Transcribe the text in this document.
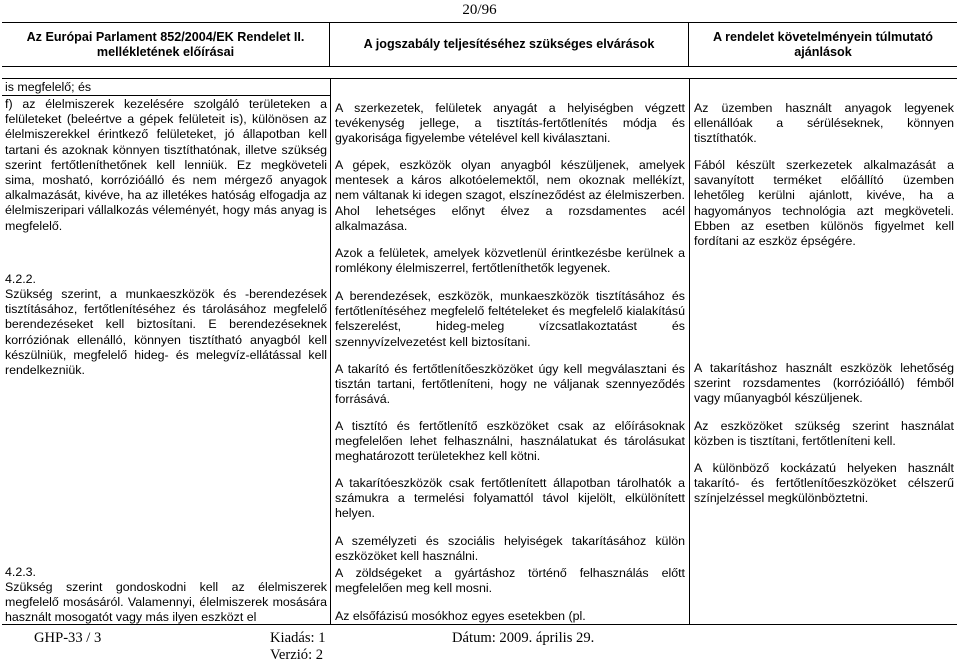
20/96
Az Európai Parlament 852/2004/EK Rendelet II. mellékletének előírásai
A jogszabály teljesítéséhez szükséges elvárások
A rendelet követelményein túlmutató ajánlások
is megfelelő; és
f) az élelmiszerek kezelésére szolgáló területeken a felületeket (beleértve a gépek felületeit is), különösen az élelmiszerekkel érintkező felületeket, jó állapotban kell tartani és azoknak könnyen tisztíthatónak, illetve szükség szerint fertőtleníthetőnek kell lenniük. Ez megköveteli sima, mosható, korrózióálló és nem mérgező anyagok alkalmazását, kivéve, ha az illetékes hatóság elfogadja az élelmiszeripari vállalkozás véleményét, hogy más anyag is megfelelő.
4.2.2.
Szükség szerint, a munkaeszközök és -berendezések tisztításához, fertőtlenítéséhez és tárolásához megfelelő berendezéseket kell biztosítani. E berendezéseknek korróziónak ellenálló, könnyen tisztítható anyagból kell készülniük, megfelelő hideg- és melegvíz-ellátással kell rendelkezniük.
4.2.3.
Szükség szerint gondoskodni kell az élelmiszerek megfelelő mosásáról. Valamennyi, élelmiszerek mosására használt mosogatót vagy más ilyen eszközt el
A szerkezetek, felületek anyagát a helyiségben végzett tevékenység jellege, a tisztítás-fertőtlenítés módja és gyakorisága figyelembe vételével kell kiválasztani.
A gépek, eszközök olyan anyagból készüljenek, amelyek mentesek a káros alkotóelemektől, nem okoznak mellékízt, nem váltanak ki idegen szagot, elszíneződést az élelmiszerben. Ahol lehetséges előnyt élvez a rozsdamentes acél alkalmazása.
Azok a felületek, amelyek közvetlenül érintkezésbe kerülnek a romlékony élelmiszerrel, fertőtleníthetők legyenek.
A berendezések, eszközök, munkaeszközök tisztításához és fertőtlenítéséhez megfelelő feltételeket és megfelelő kialakítású felszerelést, hideg-meleg vízcsatlakoztatást és szennyvízelvezetést kell biztosítani.
A takarító és fertőtlenítőeszközöket úgy kell megválasztani és tisztán tartani, fertőtleníteni, hogy ne váljanak szennyeződés forrásává.
A tisztító és fertőtlenítő eszközöket csak az előírásoknak megfelelően lehet felhasználni, használatukat és tárolásukat meghatározott területekhez kell kötni.
A takarítóeszközök csak fertőtlenített állapotban tárolhatók a számukra a termelési folyamattól távol kijelölt, elkülönített helyen.
A személyzeti és szociális helyiségek takarításához külön eszközöket kell használni.
A zöldségeket a gyártáshoz történő felhasználás előtt megfelelően meg kell mosni.
Az elsőfázisú mosókhoz egyes esetekben (pl.
Az üzemben használt anyagok legyenek ellenállóak a sérüléseknek, könnyen tisztíthatók.
Fából készült szerkezetek alkalmazását a savanyított terméket előállító üzemben lehetőleg kerülni ajánlott, kivéve, ha a hagyományos technológia azt megköveteli. Ebben az esetben különös figyelmet kell fordítani az eszköz épségére.
A takarításhoz használt eszközök lehetőség szerint rozsdamentes (korrózióálló) fémből vagy műanyagból készüljenek.
Az eszközöket szükség szerint használat közben is tisztítani, fertőtleníteni kell.
A különböző kockázatú helyeken használt takarító- és fertőtlenítőeszközöket célszerű színjelzéssel megkülönböztetni.
GHP-33 / 3	Kiadás: 1
Verzió: 2
Dátum: 2009. április 29.
